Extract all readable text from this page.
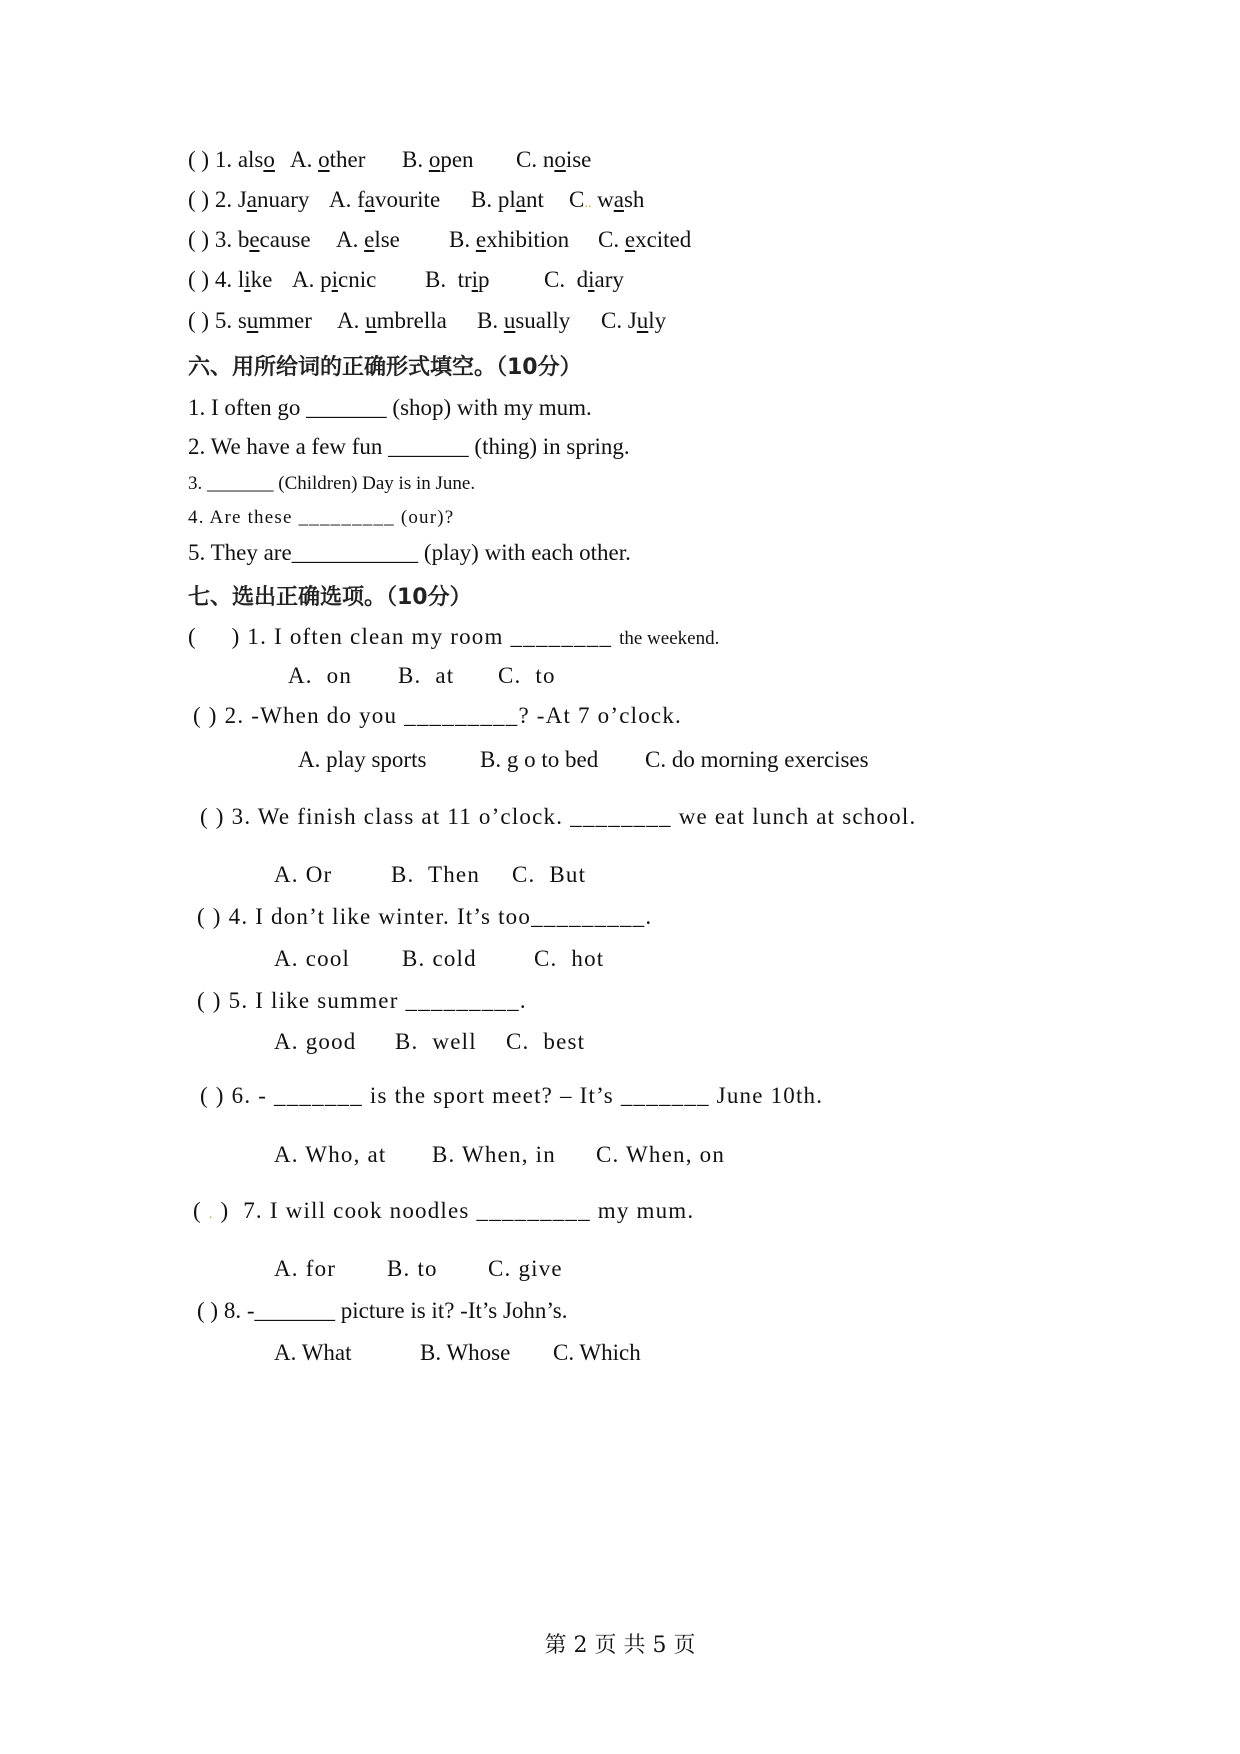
( ) 1. also A. other B. open C. noise
( ) 2. January A. favourite B. plant C.. wash
( ) 3. because A. else B. exhibition C. excited
( ) 4. like A. picnic B.  trip C.  diary
( ) 5. summer A. umbrella B. usually C. July
六、用所给词的正确形式填空。（10分）
1. I often go _______ (shop) with my mum.
2. We have a few fun _______ (thing) in spring.
3. _______ (Children) Day is in June.
4. Are these _________ (our)?
5. They are___________ (play) with each other.
七、选出正确选项。（10分）
(     ) 1. I often clean my room ________ the weekend.
A.  on B.  at C.  to
( ) 2. -When do you _________? -At 7 o’clock.
A. play sports B. g o to bed C. do morning exercises
( ) 3. We finish class at 11 o’clock. ________ we eat lunch at school.
A. Or	B.  Then C.  But
( ) 4. I don’t like winter. It’s too_________.
A. cool B. cold C.  hot
( ) 5. I like summer _________.
A. good B.  well C.  best
( ) 6. - _______ is the sport meet? – It’s _______ June 10th.
A. Who, at B. When, in C. When, on
( . )  7. I will cook noodles _________ my mum.
A. for B. to C. give
( ) 8. -_______ picture is it? -It’s John’s.
A. What	B. Whose C. Which
第 2 页 共 5 页
